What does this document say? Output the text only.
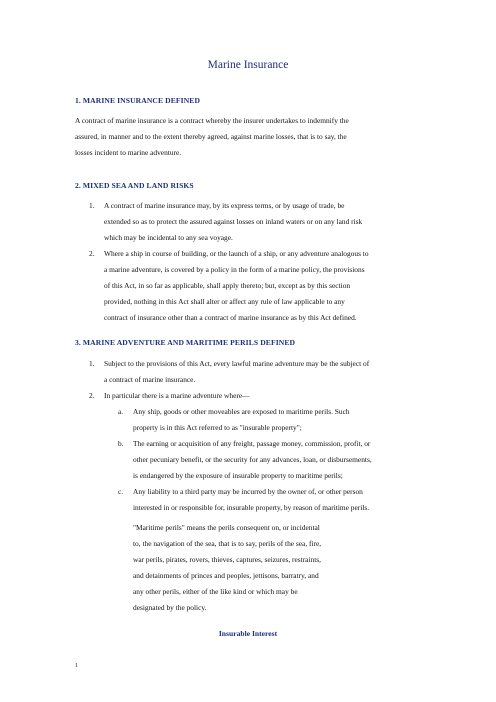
Marine Insurance
1. MARINE INSURANCE DEFINED
A contract of marine insurance is a contract whereby the insurer undertakes to indemnify the
assured, in manner and to the extent thereby agreed, against marine losses, that is to say, the
losses incident to marine adventure.
2. MIXED SEA AND LAND RISKS
1. A contract of marine insurance may, by its express terms, or by usage of trade, be
extended so as to protect the assured against losses on inland waters or on any land risk
which may be incidental to any sea voyage.
2. Where a ship in course of building, or the launch of a ship, or any adventure analogous to
a marine adventure, is covered by a policy in the form of a marine policy, the provisions
of this Act, in so far as applicable, shall apply thereto; but, except as by this section
provided, nothing in this Act shall alter or affect any rule of law applicable to any
contract of insurance other than a contract of marine insurance as by this Act defined.
3. MARINE ADVENTURE AND MARITIME PERILS DEFINED
1. Subject to the provisions of this Act, every lawful marine adventure may be the subject of
a contract of marine insurance.
2. In particular there is a marine adventure where—
a. Any ship, goods or other moveables are exposed to maritime perils. Such
property is in this Act referred to as "insurable property";
b. The earning or acquisition of any freight, passage money, commission, profit, or
other pecuniary benefit, or the security for any advances, loan, or disbursements,
is endangered by the exposure of insurable property to maritime perils;
c. Any liability to a third party may be incurred by the owner of, or other person
interested in or responsible for, insurable property, by reason of maritime perils.
"Maritime perils" means the perils consequent on, or incidental
to, the navigation of the sea, that is to say, perils of the sea, fire,
war perils, pirates, rovers, thieves, captures, seizures, restraints,
and detainments of princes and peoples, jettisons, barratry, and
any other perils, either of the like kind or which may be
designated by the policy.
Insurable Interest
1
